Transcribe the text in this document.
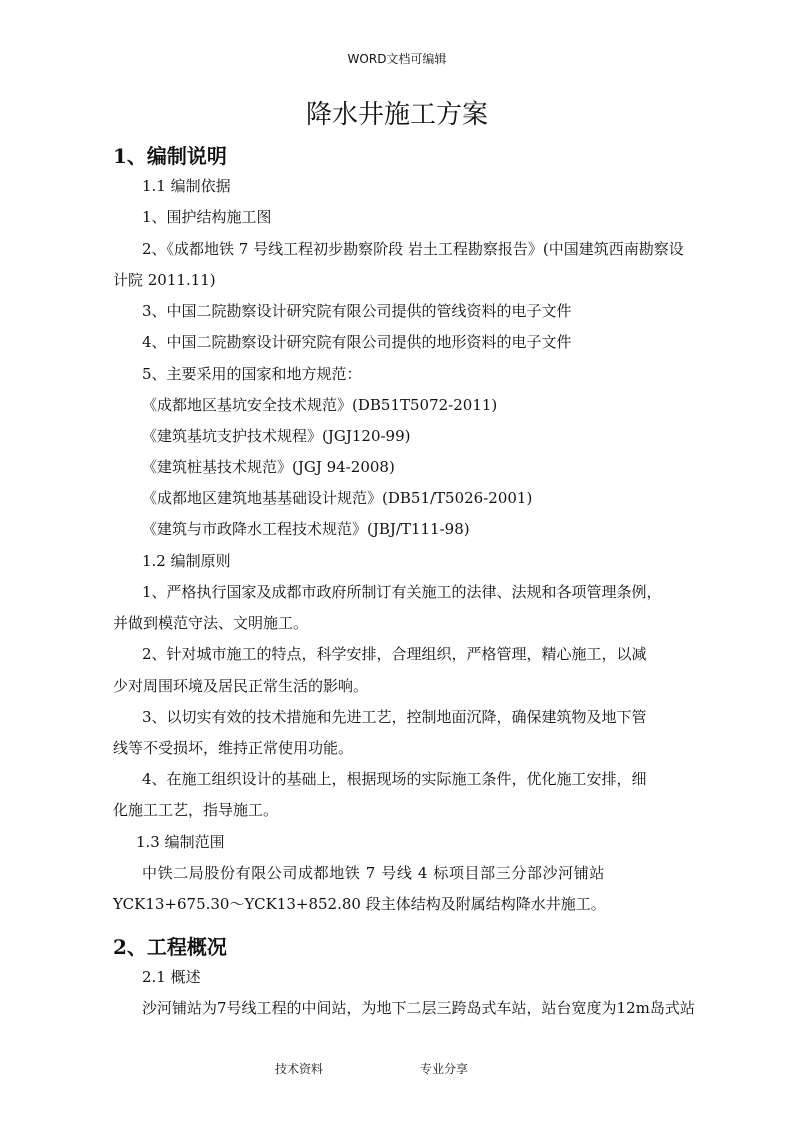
WORD文档可编辑
降水井施工方案
1、编制说明
1.1 编制依据
1、围护结构施工图
2、《成都地铁 7 号线工程初步勘察阶段 岩土工程勘察报告》(中国建筑西南勘察设
计院 2011.11)
3、中国二院勘察设计研究院有限公司提供的管线资料的电子文件
4、中国二院勘察设计研究院有限公司提供的地形资料的电子文件
5、主要采用的国家和地方规范：
《成都地区基坑安全技术规范》(DB51T5072-2011)
《建筑基坑支护技术规程》(JGJ120-99)
《建筑桩基技术规范》(JGJ 94-2008)
《成都地区建筑地基基础设计规范》(DB51/T5026-2001)
《建筑与市政降水工程技术规范》(JBJ/T111-98)
1.2 编制原则
1、严格执行国家及成都市政府所制订有关施工的法律、法规和各项管理条例，
并做到模范守法、文明施工。
2、针对城市施工的特点，科学安排，合理组织，严格管理，精心施工，以减
少对周围环境及居民正常生活的影响。
3、以切实有效的技术措施和先进工艺，控制地面沉降，确保建筑物及地下管
线等不受损坏，维持正常使用功能。
4、在施工组织设计的基础上，根据现场的实际施工条件，优化施工安排，细
化施工工艺，指导施工。
1.3 编制范围
中铁二局股份有限公司成都地铁 7 号线 4 标项目部三分部沙河铺站
YCK13+675.30～YCK13+852.80 段主体结构及附属结构降水井施工。
2、工程概况
2.1 概述
沙河铺站为7号线工程的中间站，为地下二层三跨岛式车站，站台宽度为12m岛式站
技术资料	专业分享
